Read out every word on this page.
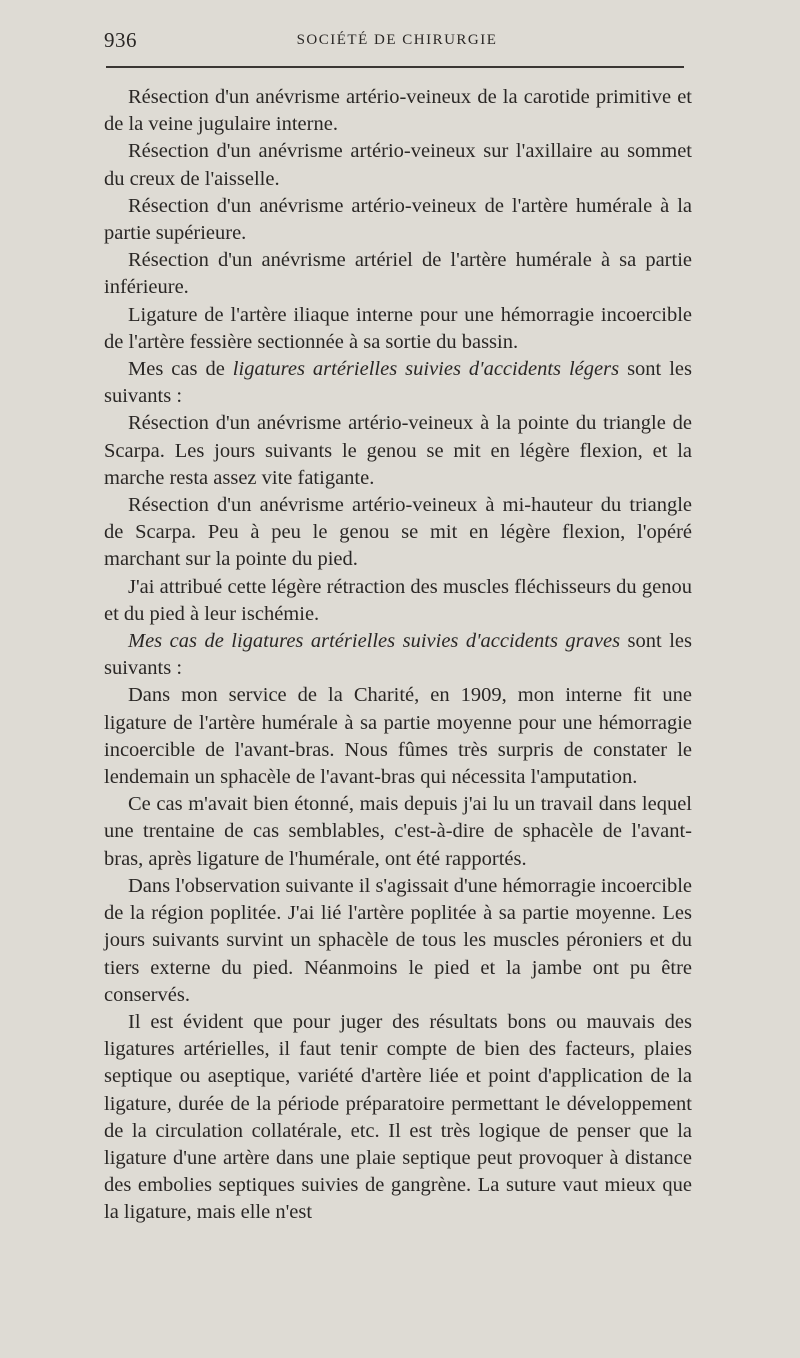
936	SOCIÉTÉ DE CHIRURGIE

Résection d'un anévrisme artério-veineux de la carotide primitive et de la veine jugulaire interne.

Résection d'un anévrisme artério-veineux sur l'axillaire au sommet du creux de l'aisselle.

Résection d'un anévrisme artério-veineux de l'artère humérale à la partie supérieure.

Résection d'un anévrisme artériel de l'artère humérale à sa partie inférieure.

Ligature de l'artère iliaque interne pour une hémorragie incoercible de l'artère fessière sectionnée à sa sortie du bassin.

Mes cas de ligatures artérielles suivies d'accidents légers sont les suivants :

Résection d'un anévrisme artério-veineux à la pointe du triangle de Scarpa. Les jours suivants le genou se mit en légère flexion, et la marche resta assez vite fatigante.

Résection d'un anévrisme artério-veineux à mi-hauteur du triangle de Scarpa. Peu à peu le genou se mit en légère flexion, l'opéré marchant sur la pointe du pied.

J'ai attribué cette légère rétraction des muscles fléchisseurs du genou et du pied à leur ischémie.

Mes cas de ligatures artérielles suivies d'accidents graves sont les suivants :

Dans mon service de la Charité, en 1909, mon interne fit une ligature de l'artère humérale à sa partie moyenne pour une hémorragie incoercible de l'avant-bras. Nous fûmes très surpris de constater le lendemain un sphacèle de l'avant-bras qui nécessita l'amputation.

Ce cas m'avait bien étonné, mais depuis j'ai lu un travail dans lequel une trentaine de cas semblables, c'est-à-dire de sphacèle de l'avant-bras, après ligature de l'humérale, ont été rapportés.

Dans l'observation suivante il s'agissait d'une hémorragie incoercible de la région poplitée. J'ai lié l'artère poplitée à sa partie moyenne. Les jours suivants survint un sphacèle de tous les muscles péroniers et du tiers externe du pied. Néanmoins le pied et la jambe ont pu être conservés.

Il est évident que pour juger des résultats bons ou mauvais des ligatures artérielles, il faut tenir compte de bien des facteurs, plaies septique ou aseptique, variété d'artère liée et point d'application de la ligature, durée de la période préparatoire permettant le développement de la circulation collatérale, etc. Il est très logique de penser que la ligature d'une artère dans une plaie septique peut provoquer à distance des embolies septiques suivies de gangrène. La suture vaut mieux que la ligature, mais elle n'est
